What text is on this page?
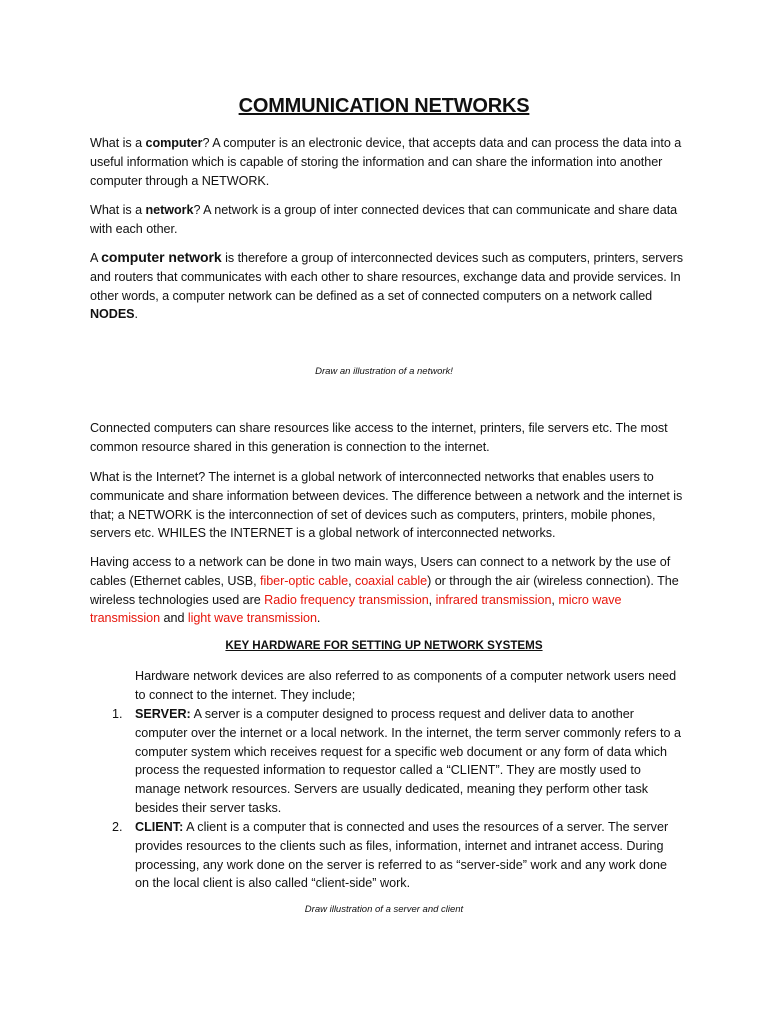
COMMUNICATION NETWORKS
What is a computer? A computer is an electronic device, that accepts data and can process the data into a useful information which is capable of storing the information and can share the information into another computer through a NETWORK.
What is a network? A network is a group of inter connected devices that can communicate and share data with each other.
A computer network is therefore a group of interconnected devices such as computers, printers, servers and routers that communicates with each other to share resources, exchange data and provide services. In other words, a computer network can be defined as a set of connected computers on a network called NODES.
Draw an illustration of a network!
Connected computers can share resources like access to the internet, printers, file servers etc. The most common resource shared in this generation is connection to the internet.
What is the Internet? The internet is a global network of interconnected networks that enables users to communicate and share information between devices. The difference between a network and the internet is that; a NETWORK is the interconnection of set of devices such as computers, printers, mobile phones, servers etc. WHILES the INTERNET is a global network of interconnected networks.
Having access to a network can be done in two main ways, Users can connect to a network by the use of cables (Ethernet cables, USB, fiber-optic cable, coaxial cable) or through the air (wireless connection). The wireless technologies used are Radio frequency transmission, infrared transmission, micro wave transmission and light wave transmission.
KEY HARDWARE FOR SETTING UP NETWORK SYSTEMS
Hardware network devices are also referred to as components of a computer network users need to connect to the internet. They include;
1. SERVER: A server is a computer designed to process request and deliver data to another computer over the internet or a local network. In the internet, the term server commonly refers to a computer system which receives request for a specific web document or any form of data which process the requested information to requestor called a “CLIENT”. They are mostly used to manage network resources. Servers are usually dedicated, meaning they perform other task besides their server tasks.
2. CLIENT: A client is a computer that is connected and uses the resources of a server. The server provides resources to the clients such as files, information, internet and intranet access. During processing, any work done on the server is referred to as “server-side” work and any work done on the local client is also called “client-side” work.
Draw illustration of a server and client
